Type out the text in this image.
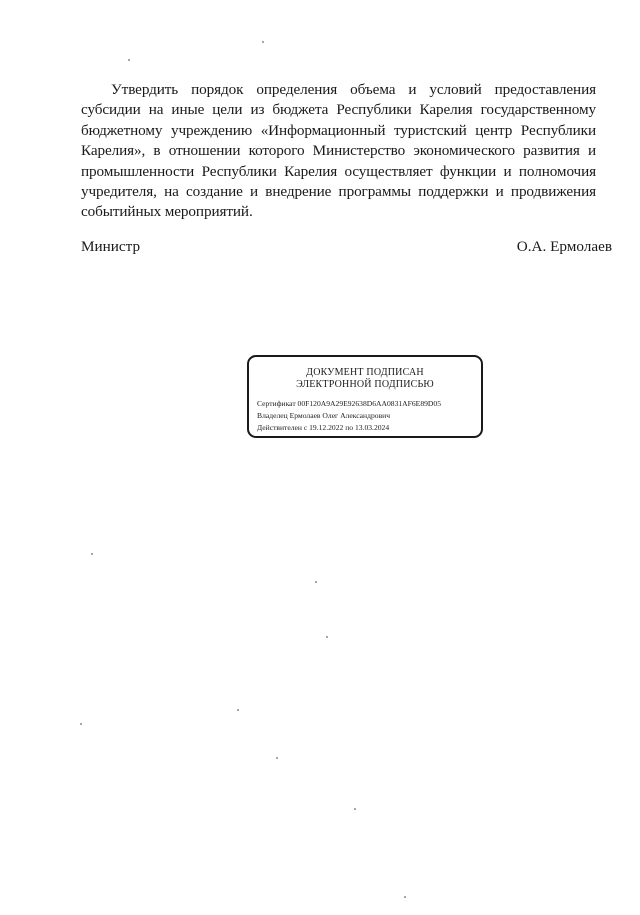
Утвердить порядок определения объема и условий предоставления субсидии на иные цели из бюджета Республики Карелия государственному бюджетному учреждению «Информационный туристский центр Республики Карелия», в отношении которого Министерство экономического развития и промышленности Республики Карелия осуществляет функции и полномочия учредителя, на создание и внедрение программы поддержки и продвижения событийных мероприятий.

Министр	О.А. Ермолаев
ДОКУМЕНТ ПОДПИСАН
ЭЛЕКТРОННОЙ ПОДПИСЬЮ
Сертификат 00F120A9A29E92638D6AA0831AF6E89D05
Владелец Ермолаев Олег Александрович
Действителен с 19.12.2022 по 13.03.2024
